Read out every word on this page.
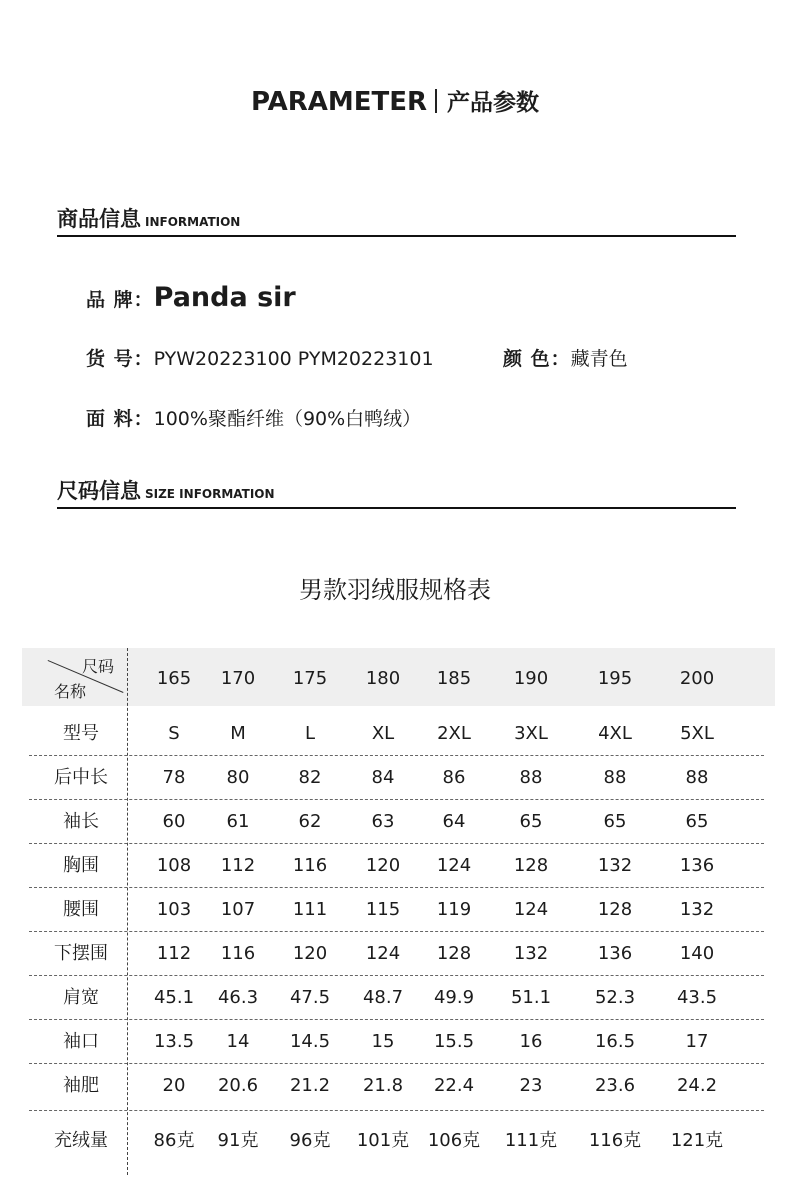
PARAMETER 产品参数
商品信息 INFORMATION
品 牌：Panda sir
货 号：PYW20223100 PYM20223101	颜 色：藏青色
面 料：100%聚酯纤维（90%白鸭绒）
尺码信息 SIZE INFORMATION
男款羽绒服规格表
尺码
名称
165 170 175 180 185 190	195	200
型号	S	M	L	XL 2XL 3XL	4XL	5XL
后中长	78 80	82	84	86	88	88	88
袖长	60 61	62	63	64	65	65	65
胸围	108 112 116 120 124 128	132	136
腰围	103 107 111 115 119 124	128	132
下摆围	112 116 120 124 128 132	136	140
肩宽	45.1 46.3 47.5 48.7 49.9 51.1 52.3 43.5
袖口	13.5 14 14.5 15 15.5	16	16.5	17
袖肥	20 20.6 21.2 21.8 22.4	23	23.6 24.2
充绒量	86克 91克 96克 101克 106克 111克 116克 121克
